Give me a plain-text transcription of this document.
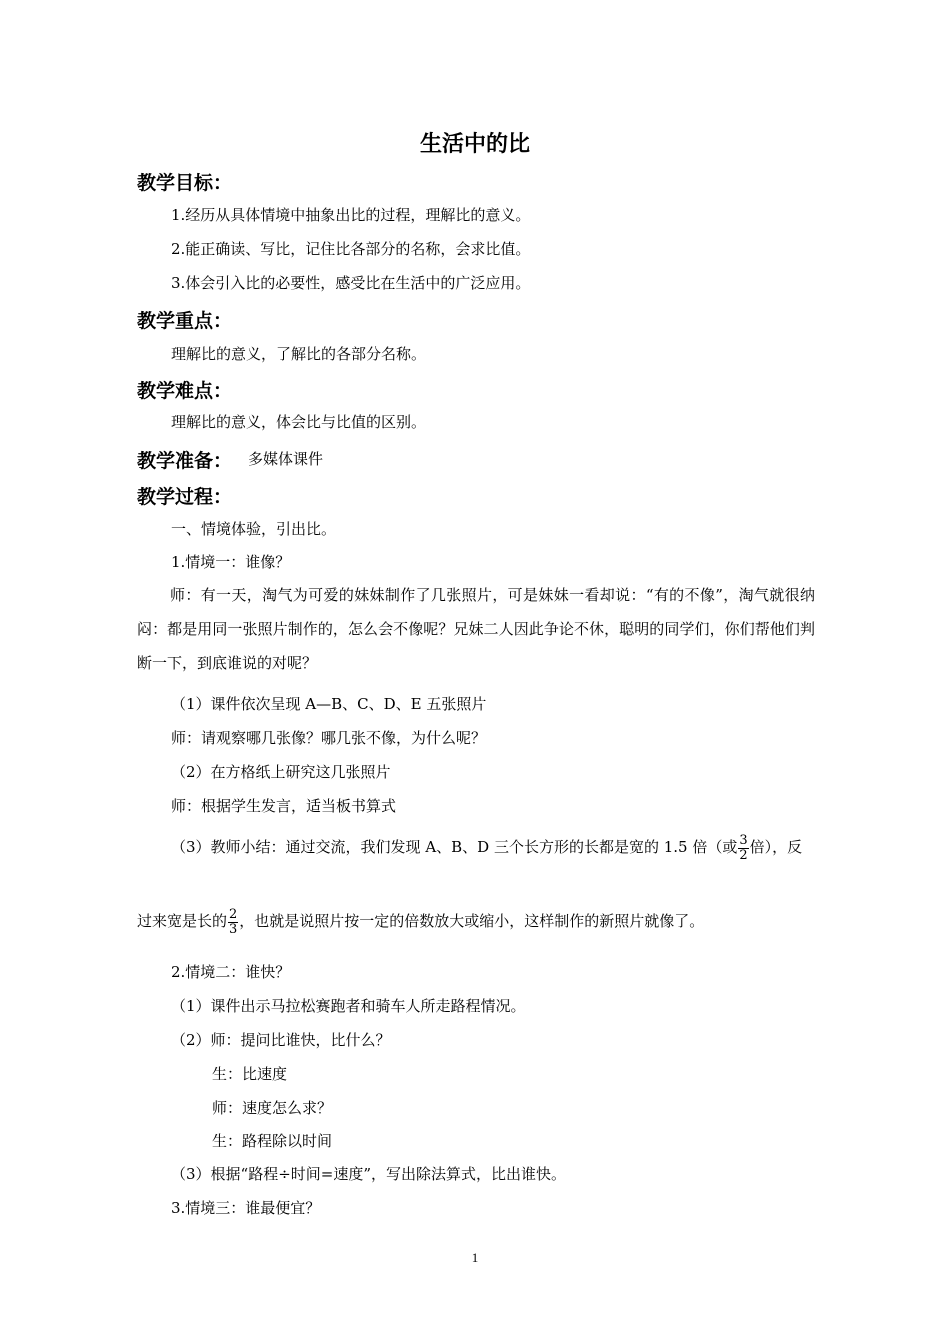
生活中的比
教学目标：
1.经历从具体情境中抽象出比的过程，理解比的意义。
2.能正确读、写比，记住比各部分的名称，会求比值。
3.体会引入比的必要性，感受比在生活中的广泛应用。
教学重点：
理解比的意义，了解比的各部分名称。
教学难点：
理解比的意义，体会比与比值的区别。
教学准备： 多媒体课件
教学过程：
一、情境体验，引出比。
1.情境一：谁像？
师：有一天，淘气为可爱的妹妹制作了几张照片，可是妹妹一看却说：“有的不像”，淘气就很纳闷：都是用同一张照片制作的，怎么会不像呢？兄妹二人因此争论不休，聪明的同学们，你们帮他们判断一下，到底谁说的对呢？
（1）课件依次呈现 A—B、C、D、E 五张照片
师：请观察哪几张像？哪几张不像，为什么呢？
（2）在方格纸上研究这几张照片
师：根据学生发言，适当板书算式
（3）教师小结：通过交流，我们发现 A、B、D 三个长方形的长都是宽的 1.5 倍（或 $\frac{3}{2}$ 倍），反
过来宽是长的 $\frac{2}{3}$ ，也就是说照片按一定的倍数放大或缩小，这样制作的新照片就像了。
2.情境二：谁快？
（1）课件出示马拉松赛跑者和骑车人所走路程情况。
（2）师：提问比谁快，比什么？
生：比速度
师：速度怎么求？
生：路程除以时间
（3）根据“路程÷时间=速度”，写出除法算式，比出谁快。
3.情境三：谁最便宜？
1
